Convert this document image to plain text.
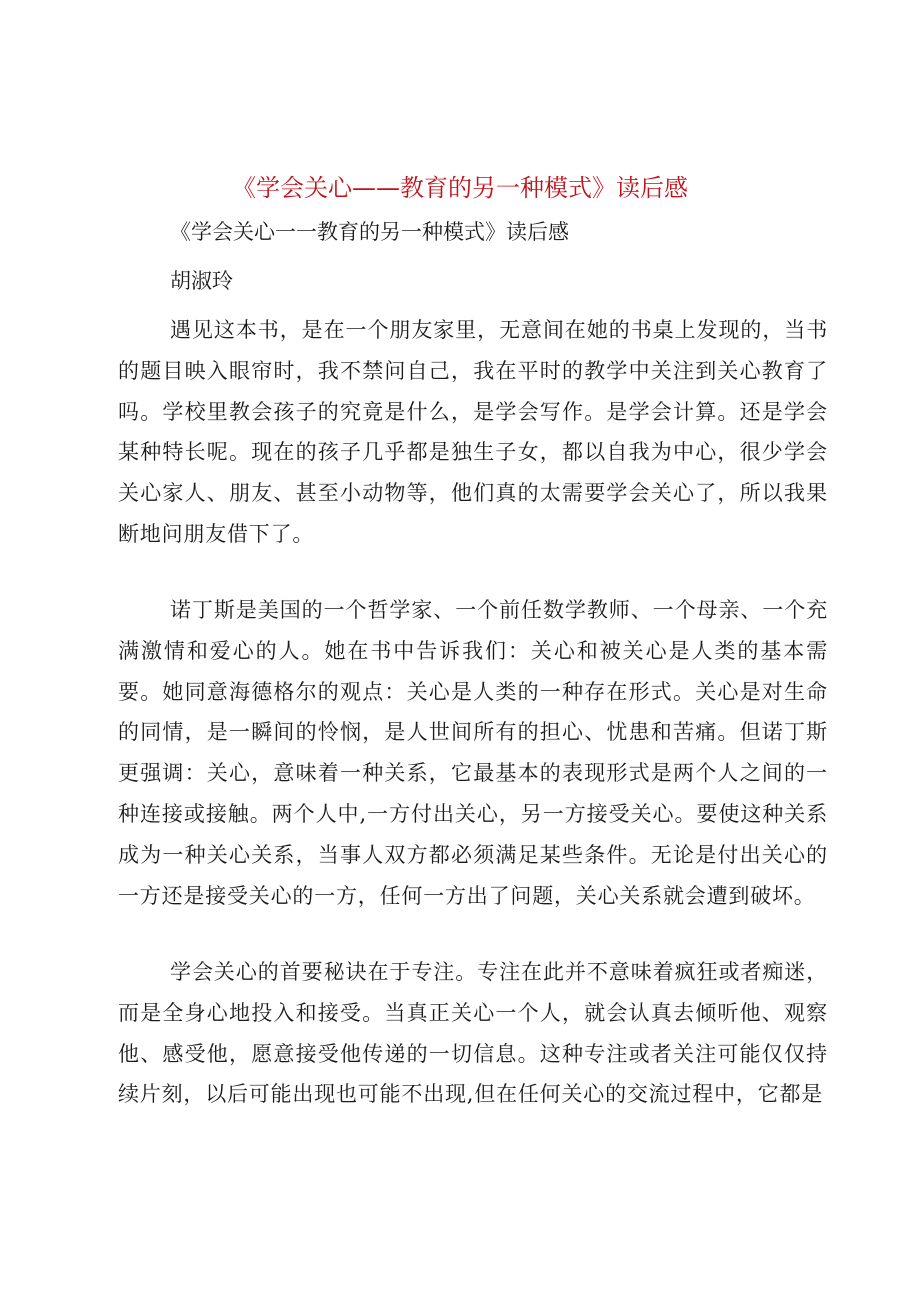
《学会关心——教育的另一种模式》读后感

《学会关心一一教育的另一种模式》读后感

胡淑玲

遇见这本书，是在一个朋友家里，无意间在她的书桌上发现的，当书的题目映入眼帘时，我不禁问自己，我在平时的教学中关注到关心教育了吗。学校里教会孩子的究竟是什么，是学会写作。是学会计算。还是学会某种特长呢。现在的孩子几乎都是独生子女，都以自我为中心，很少学会关心家人、朋友、甚至小动物等，他们真的太需要学会关心了，所以我果断地问朋友借下了。

诺丁斯是美国的一个哲学家、一个前任数学教师、一个母亲、一个充满激情和爱心的人。她在书中告诉我们：关心和被关心是人类的基本需要。她同意海德格尔的观点：关心是人类的一种存在形式。关心是对生命的同情，是一瞬间的怜悯，是人世间所有的担心、忧患和苦痛。但诺丁斯更强调：关心，意味着一种关系，它最基本的表现形式是两个人之间的一种连接或接触。两个人中,一方付出关心，另一方接受关心。要使这种关系成为一种关心关系，当事人双方都必须满足某些条件。无论是付出关心的一方还是接受关心的一方，任何一方出了问题，关心关系就会遭到破坏。

学会关心的首要秘诀在于专注。专注在此并不意味着疯狂或者痴迷，而是全身心地投入和接受。当真正关心一个人，就会认真去倾听他、观察他、感受他，愿意接受他传递的一切信息。这种专注或者关注可能仅仅持续片刻，以后可能出现也可能不出现,但在任何关心的交流过程中，它都是
